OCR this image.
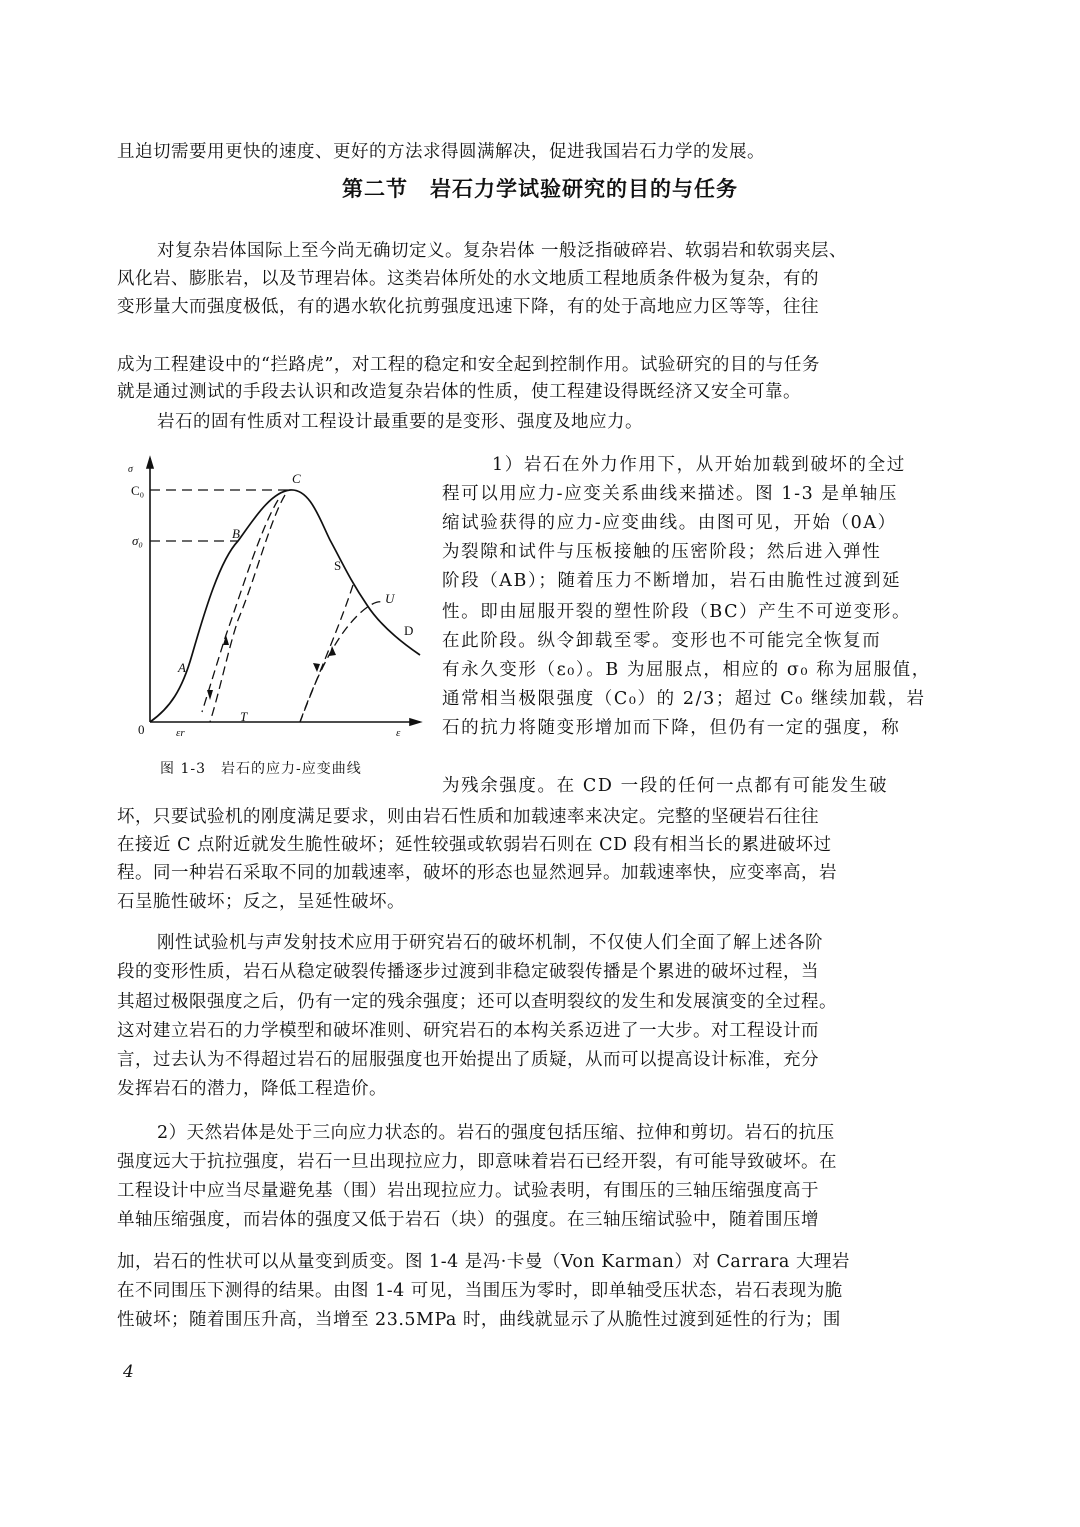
且迫切需要用更快的速度、更好的方法求得圆满解决，促进我国岩石力学的发展。
第二节　岩石力学试验研究的目的与任务
对复杂岩体国际上至今尚无确切定义。复杂岩体 一般泛指破碎岩、软弱岩和软弱夹层、
风化岩、膨胀岩，以及节理岩体。这类岩体所处的水文地质工程地质条件极为复杂，有的
变形量大而强度极低，有的遇水软化抗剪强度迅速下降，有的处于高地应力区等等，往往
成为工程建设中的“拦路虎”，对工程的稳定和安全起到控制作用。试验研究的目的与任务
就是通过测试的手段去认识和改造复杂岩体的性质，使工程建设得既经济又安全可靠。
岩石的固有性质对工程设计最重要的是变形、强度及地应力。
1）岩石在外力作用下，从开始加载到破坏的全过
程可以用应力-应变关系曲线来描述。图 1-3 是单轴压
缩试验获得的应力-应变曲线。由图可见，开始（0A）
为裂隙和试件与压板接触的压密阶段；然后进入弹性
阶段（AB）；随着压力不断增加，岩石由脆性过渡到延
性。即由屈服开裂的塑性阶段（BC）产生不可逆变形。
在此阶段。纵令卸载至零。变形也不可能完全恢复而
有永久变形（ε₀）。B 为屈服点，相应的 σ₀ 称为屈服值，
通常相当极限强度（C₀）的 2/3；超过 C₀ 继续加载，岩
石的抗力将随变形增加而下降，但仍有一定的强度，称
为残余强度。在 CD 一段的任何一点都有可能发生破
σ
C₀
σ₀
0	εr	ε
A
B
C
S
U
D
T
图 1-3　岩石的应力-应变曲线
坏，只要试验机的刚度满足要求，则由岩石性质和加载速率来决定。完整的坚硬岩石往往
在接近 C 点附近就发生脆性破坏；延性较强或软弱岩石则在 CD 段有相当长的累进破坏过
程。同一种岩石采取不同的加载速率，破坏的形态也显然迥异。加载速率快，应变率高，岩
石呈脆性破坏；反之，呈延性破坏。
刚性试验机与声发射技术应用于研究岩石的破坏机制，不仅使人们全面了解上述各阶
段的变形性质，岩石从稳定破裂传播逐步过渡到非稳定破裂传播是个累进的破坏过程，当
其超过极限强度之后，仍有一定的残余强度；还可以查明裂纹的发生和发展演变的全过程。
这对建立岩石的力学模型和破坏准则、研究岩石的本构关系迈进了一大步。对工程设计而
言，过去认为不得超过岩石的屈服强度也开始提出了质疑，从而可以提高设计标准，充分
发挥岩石的潜力，降低工程造价。
2）天然岩体是处于三向应力状态的。岩石的强度包括压缩、拉伸和剪切。岩石的抗压
强度远大于抗拉强度，岩石一旦出现拉应力，即意味着岩石已经开裂，有可能导致破坏。在
工程设计中应当尽量避免基（围）岩出现拉应力。试验表明，有围压的三轴压缩强度高于
单轴压缩强度，而岩体的强度又低于岩石（块）的强度。在三轴压缩试验中，随着围压增
加，岩石的性状可以从量变到质变。图 1-4 是冯·卡曼（Von Karman）对 Carrara 大理岩
在不同围压下测得的结果。由图 1-4 可见，当围压为零时，即单轴受压状态，岩石表现为脆
性破坏；随着围压升高，当增至 23.5MPa 时，曲线就显示了从脆性过渡到延性的行为；围
4
